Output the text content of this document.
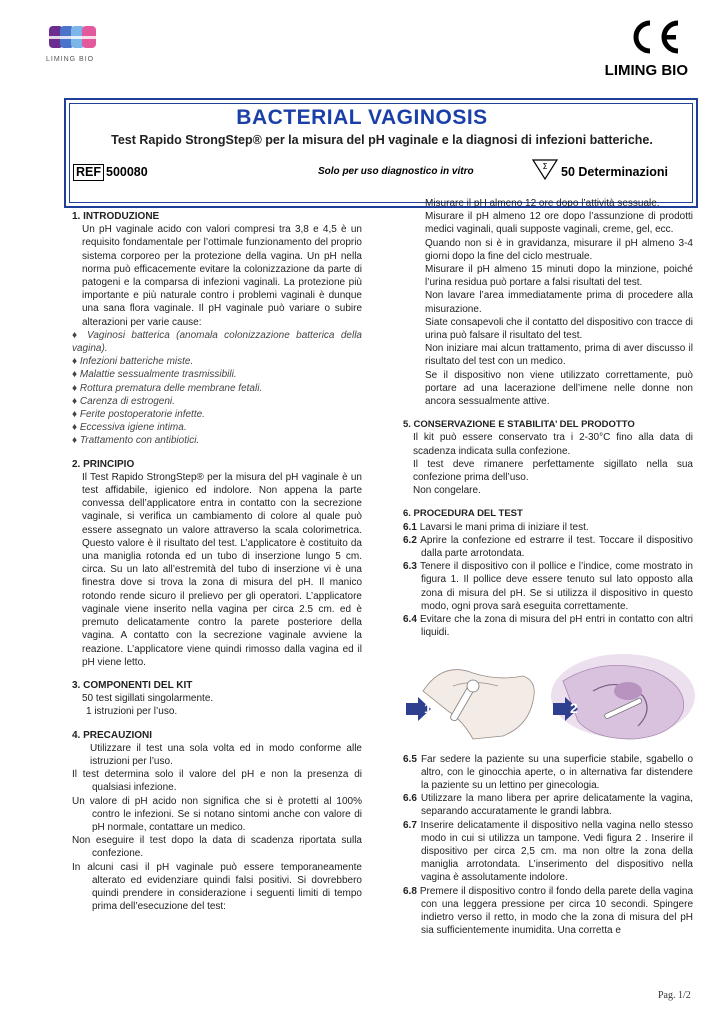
LIMING BIO
LIMING BIO
BACTERIAL VAGINOSIS
Test Rapido StrongStep® per la misura del pH vaginale e la diagnosi di infezioni batteriche.
REF 500080	Solo per uso diagnostico in vitro	Σ 50 Determinazioni
1. INTRODUZIONE

Un pH vaginale acido con valori compresi tra 3,8 e 4,5 è un requisito fondamentale per l’ottimale funzionamento del proprio sistema corporeo per la protezione della vagina. Un pH nella norma può efficacemente evitare la colonizzazione da parte di patogeni e la comparsa di infezioni vaginali. La protezione più importante e più naturale contro i problemi vaginali è dunque una sana flora vaginale. Il pH vaginale può variare o subire alterazioni per varie cause:

♦ Vaginosi batterica (anomala colonizzazione batterica della vagina).
♦ Infezioni batteriche miste.
♦ Malattie sessualmente trasmissibili.
♦ Rottura prematura delle membrane fetali.
♦ Carenza di estrogeni.
♦ Ferite postoperatorie infette.
♦ Eccessiva igiene intima.
♦ Trattamento con antibiotici.
2. PRINCIPIO

Il Test Rapido StrongStep® per la misura del pH vaginale è un test affidabile, igienico ed indolore. Non appena la parte convessa dell’applicatore entra in contatto con la secrezione vaginale, si verifica un cambiamento di colore al quale può essere assegnato un valore attraverso la scala colorimetrica. Questo valore è il risultato del test. L’applicatore è costituito da una maniglia rotonda ed un tubo di inserzione lungo 5 cm. circa. Su un lato all’estremità del tubo di inserzione vi è una finestra dove si trova la zona di misura del pH. Il manico rotondo rende sicuro il prelievo per gli operatori. L’applicatore vaginale viene inserito nella vagina per circa 2.5 cm. ed è premuto delicatamente contro la parete posteriore della vagina. A contatto con la secrezione vaginale avviene la reazione. L’applicatore viene quindi rimosso dalla vagina ed il pH viene letto.

3. COMPONENTI DEL KIT
50 test sigillati singolarmente.
1 istruzioni per l’uso.
4. PRECAUZIONI
Utilizzare il test una sola volta ed in modo conforme alle istruzioni per l’uso.
Il test determina solo il valore del pH e non la presenza di qualsiasi infezione.
Un valore di pH acido non significa che si è protetti al 100% contro le infezioni. Se si notano sintomi anche con valore di pH normale, contattare un medico.
Non eseguire il test dopo la data di scadenza riportata sulla confezione.
In alcuni casi il pH vaginale può essere temporaneamente alterato ed evidenziare quindi falsi positivi. Si dovrebbero quindi prendere in considerazione i seguenti limiti di tempo prima dell’esecuzione del test:
Misurare il pH almeno 12 ore dopo l’attività sessuale.
Misurare il pH almeno 12 ore dopo l’assunzione di prodotti medici vaginali, quali supposte vaginali, creme, gel, ecc.
Quando non si è in gravidanza, misurare il pH almeno 3-4 giorni dopo la fine del ciclo mestruale.
Misurare il pH almeno 15 minuti dopo la minzione, poiché l’urina residua può portare a falsi risultati del test.
Non lavare l’area immediatamente prima di procedere alla misurazione.
Siate consapevoli che il contatto del dispositivo con tracce di urina può falsare il risultato del test.
Non iniziare mai alcun trattamento, prima di aver discusso il risultato del test con un medico.
Se il dispositivo non viene utilizzato correttamente, può portare ad una lacerazione dell’imene nelle donne non ancora sessualmente attive.
5. CONSERVAZIONE E STABILITA’ DEL PRODOTTO
Il kit può essere conservato tra i 2-30°C fino alla data di scadenza indicata sulla confezione.
Il test deve rimanere perfettamente sigillato nella sua confezione prima dell’uso.
Non congelare.
6. PROCEDURA DEL TEST
6.1 Lavarsi le mani prima di iniziare il test.
6.2 Aprire la confezione ed estrarre il test. Toccare il dispositivo dalla parte arrotondata.
6.3 Tenere il dispositivo con il pollice e l’indice, come mostrato in figura 1. Il pollice deve essere tenuto sul lato opposto alla zona di misura del pH. Se si utilizza il dispositivo in questo modo, ogni prova sarà eseguita correttamente.
6.4 Evitare che la zona di misura del pH entri in contatto con altri liquidi.
6.5 Far sedere la paziente su una superficie stabile, sgabello o altro, con le ginocchia aperte, o in alternativa far distendere la paziente su un lettino per ginecologia.
6.6 Utilizzare la mano libera per aprire delicatamente la vagina, separando accuratamente le grandi labbra.
6.7 Inserire delicatamente il dispositivo nella vagina nello stesso modo in cui si utilizza un tampone. Vedi figura 2 . Inserire il dispositivo per circa 2,5 cm. ma non oltre la zona della maniglia arrotondata. L’inserimento del dispositivo nella vagina è assolutamente indolore.
6.8 Premere il dispositivo contro il fondo della parete della vagina con una leggera pressione per circa 10 secondi. Spingere indietro verso il retto, in modo che la zona di misura del pH sia sufficientemente inumidita. Una corretta e
1	2
Pag. 1/2
